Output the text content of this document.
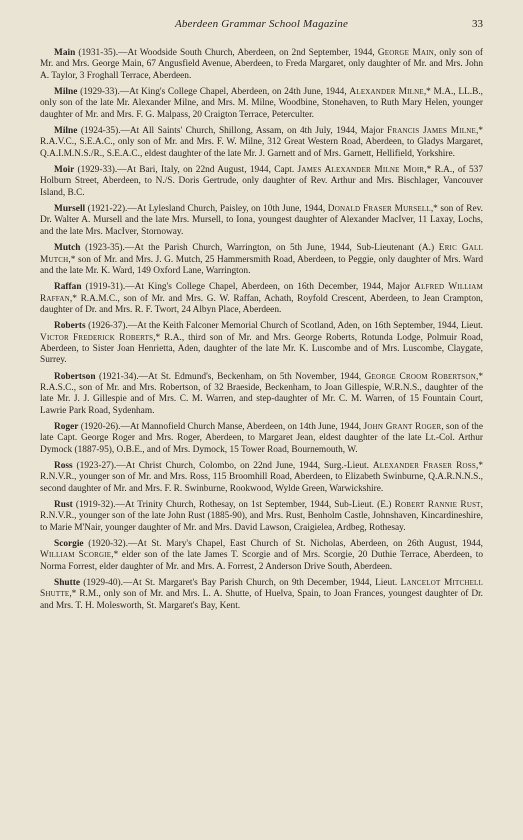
Aberdeen Grammar School Magazine	33

Main (1931-35).—At Woodside South Church, Aberdeen, on 2nd September, 1944, George Main, only son of Mr. and Mrs. George Main, 67 Angusfield Avenue, Aberdeen, to Freda Margaret, only daughter of Mr. and Mrs. John A. Taylor, 3 Froghall Terrace, Aberdeen.

Milne (1929-33).—At King's College Chapel, Aberdeen, on 24th June, 1944, Alexander Milne,* M.A., LL.B., only son of the late Mr. Alexander Milne, and Mrs. M. Milne, Woodbine, Stonehaven, to Ruth Mary Helen, younger daughter of Mr. and Mrs. F. G. Malpass, 20 Craigton Terrace, Peterculter.

Milne (1924-35).—At All Saints' Church, Shillong, Assam, on 4th July, 1944, Major Francis James Milne,* R.A.V.C., S.E.A.C., only son of Mr. and Mrs. F. W. Milne, 312 Great Western Road, Aberdeen, to Gladys Margaret, Q.A.I.M.N.S./R., S.E.A.C., eldest daughter of the late Mr. J. Garnett and of Mrs. Garnett, Hellifield, Yorkshire.

Moir (1929-33).—At Bari, Italy, on 22nd August, 1944, Capt. James Alexander Milne Moir,* R.A., of 537 Holburn Street, Aberdeen, to N./S. Doris Gertrude, only daughter of Rev. Arthur and Mrs. Bischlager, Vancouver Island, B.C.

Mursell (1921-22).—At Lylesland Church, Paisley, on 10th June, 1944, Donald Fraser Mursell,* son of Rev. Dr. Walter A. Mursell and the late Mrs. Mursell, to Iona, youngest daughter of Alexander MacIver, 11 Laxay, Lochs, and the late Mrs. MacIver, Stornoway.

Mutch (1923-35).—At the Parish Church, Warrington, on 5th June, 1944, Sub-Lieutenant (A.) Eric Gall Mutch,* son of Mr. and Mrs. J. G. Mutch, 25 Hammersmith Road, Aberdeen, to Peggie, only daughter of Mrs. Ward and the late Mr. K. Ward, 149 Oxford Lane, Warrington.

Raffan (1919-31).—At King's College Chapel, Aberdeen, on 16th December, 1944, Major Alfred William Raffan,* R.A.M.C., son of Mr. and Mrs. G. W. Raffan, Achath, Royfold Crescent, Aberdeen, to Jean Crampton, daughter of Dr. and Mrs. R. F. Twort, 24 Albyn Place, Aberdeen.

Roberts (1926-37).—At the Keith Falconer Memorial Church of Scotland, Aden, on 16th September, 1944, Lieut. Victor Frederick Roberts,* R.A., third son of Mr. and Mrs. George Roberts, Rotunda Lodge, Polmuir Road, Aberdeen, to Sister Joan Henrietta, Aden, daughter of the late Mr. K. Luscombe and of Mrs. Luscombe, Claygate, Surrey.

Robertson (1921-34).—At St. Edmund's, Beckenham, on 5th November, 1944, George Croom Robertson,* R.A.S.C., son of Mr. and Mrs. Robertson, of 32 Braeside, Beckenham, to Joan Gillespie, W.R.N.S., daughter of the late Mr. J. J. Gillespie and of Mrs. C. M. Warren, and step-daughter of Mr. C. M. Warren, of 15 Fountain Court, Lawrie Park Road, Sydenham.

Roger (1920-26).—At Mannofield Church Manse, Aberdeen, on 14th June, 1944, John Grant Roger, son of the late Capt. George Roger and Mrs. Roger, Aberdeen, to Margaret Jean, eldest daughter of the late Lt.-Col. Arthur Dymock (1887-95), O.B.E., and of Mrs. Dymock, 15 Tower Road, Bournemouth, W.

Ross (1923-27).—At Christ Church, Colombo, on 22nd June, 1944, Surg.-Lieut. Alexander Fraser Ross,* R.N.V.R., younger son of Mr. and Mrs. Ross, 115 Broomhill Road, Aberdeen, to Elizabeth Swinburne, Q.A.R.N.N.S., second daughter of Mr. and Mrs. F. R. Swinburne, Rookwood, Wylde Green, Warwickshire.

Rust (1919-32).—At Trinity Church, Rothesay, on 1st September, 1944, Sub-Lieut. (E.) Robert Rannie Rust, R.N.V.R., younger son of the late John Rust (1885-90), and Mrs. Rust, Benholm Castle, Johnshaven, Kincardineshire, to Marie M'Nair, younger daughter of Mr. and Mrs. David Lawson, Craigielea, Ardbeg, Rothesay.

Scorgie (1920-32).—At St. Mary's Chapel, East Church of St. Nicholas, Aberdeen, on 26th August, 1944, William Scorgie,* elder son of the late James T. Scorgie and of Mrs. Scorgie, 20 Duthie Terrace, Aberdeen, to Norma Forrest, elder daughter of Mr. and Mrs. A. Forrest, 2 Anderson Drive South, Aberdeen.

Shutte (1929-40).—At St. Margaret's Bay Parish Church, on 9th December, 1944, Lieut. Lancelot Mitchell Shutte,* R.M., only son of Mr. and Mrs. L. A. Shutte, of Huelva, Spain, to Joan Frances, youngest daughter of Dr. and Mrs. T. H. Molesworth, St. Margaret's Bay, Kent.
